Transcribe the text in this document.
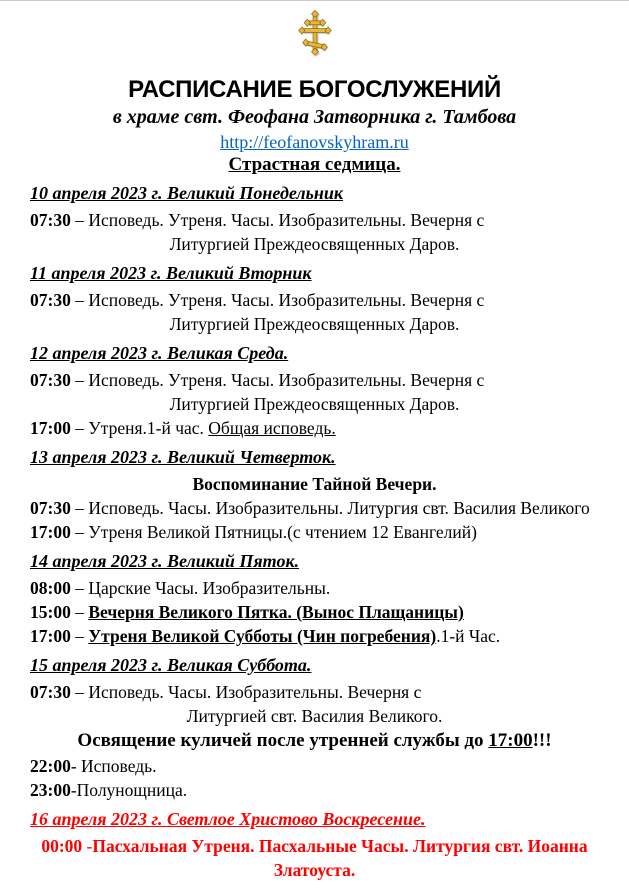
РАСПИСАНИЕ БОГОСЛУЖЕНИЙ
в храме свт. Феофана Затворника г. Тамбова
http://feofanovskyhram.ru
Страстная седмица.
10 апреля 2023 г. Великий Понедельник

07:30 – Исповедь. Утреня. Часы. Изобразительны. Вечерня с

Литургией Преждеосвященных Даров.

11 апреля 2023 г. Великий Вторник

07:30 – Исповедь. Утреня. Часы. Изобразительны. Вечерня с

Литургией Преждеосвященных Даров.

12 апреля 2023 г. Великая Среда.

07:30 – Исповедь. Утреня. Часы. Изобразительны. Вечерня с

Литургией Преждеосвященных Даров.

17:00 – Утреня.1-й час. Общая исповедь.

13 апреля 2023 г. Великий Четверток.

Воспоминание Тайной Вечери.

07:30 – Исповедь. Часы. Изобразительны. Литургия свт. Василия Великого

17:00 – Утреня Великой Пятницы.(с чтением 12 Евангелий)

14 апреля 2023 г. Великий Пяток.

08:00 – Царские Часы. Изобразительны.

15:00 – Вечерня Великого Пятка. (Вынос Плащаницы)

17:00 – Утреня Великой Субботы (Чин погребения).1-й Час.

15 апреля 2023 г. Великая Суббота.

07:30 – Исповедь. Часы. Изобразительны. Вечерня с

Литургией свт. Василия Великого.

Освящение куличей после утренней службы до 17:00!!!

22:00- Исповедь.

23:00-Полунощница.

16 апреля 2023 г. Светлое Христово Воскресение.

00:00 -Пасхальная Утреня. Пасхальные Часы. Литургия свт. Иоанна Златоуста.
